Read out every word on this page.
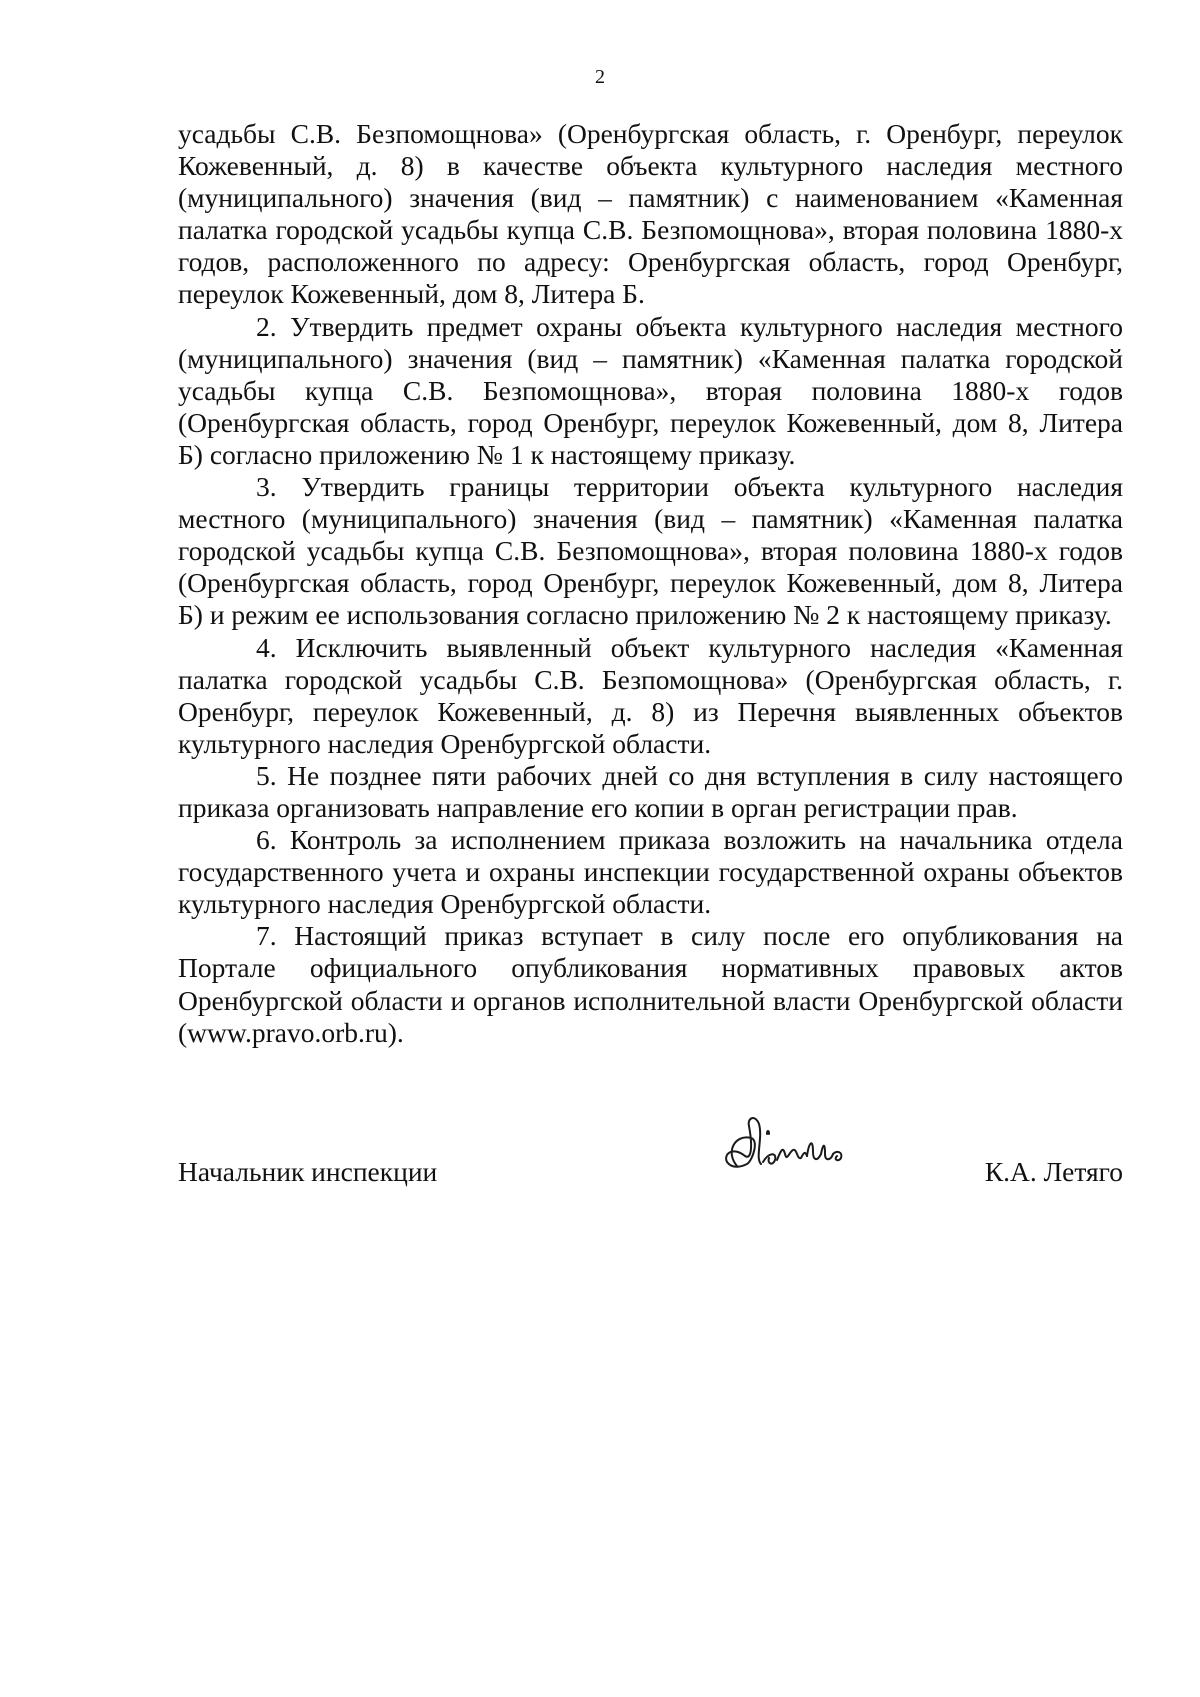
2

усадьбы С.В. Безпомощнова» (Оренбургская область, г. Оренбург, переулок Кожевенный, д. 8) в качестве объекта культурного наследия местного (муниципального) значения (вид – памятник) с наименованием «Каменная палатка городской усадьбы купца С.В. Безпомощнова», вторая половина 1880-х годов, расположенного по адресу: Оренбургская область, город Оренбург, переулок Кожевенный, дом 8, Литера Б.

2. Утвердить предмет охраны объекта культурного наследия местного (муниципального) значения (вид – памятник) «Каменная палатка городской усадьбы купца С.В. Безпомощнова», вторая половина 1880-х годов (Оренбургская область, город Оренбург, переулок Кожевенный, дом 8, Литера Б) согласно приложению № 1 к настоящему приказу.

3. Утвердить границы территории объекта культурного наследия местного (муниципального) значения (вид – памятник) «Каменная палатка городской усадьбы купца С.В. Безпомощнова», вторая половина 1880-х годов (Оренбургская область, город Оренбург, переулок Кожевенный, дом 8, Литера Б) и режим ее использования согласно приложению № 2 к настоящему приказу.

4. Исключить выявленный объект культурного наследия «Каменная палатка городской усадьбы С.В. Безпомощнова» (Оренбургская область, г. Оренбург, переулок Кожевенный, д. 8) из Перечня выявленных объектов культурного наследия Оренбургской области.

5. Не позднее пяти рабочих дней со дня вступления в силу настоящего приказа организовать направление его копии в орган регистрации прав.

6. Контроль за исполнением приказа возложить на начальника отдела государственного учета и охраны инспекции государственной охраны объектов культурного наследия Оренбургской области.

7. Настоящий приказ вступает в силу после его опубликования на Портале официального опубликования нормативных правовых актов Оренбургской области и органов исполнительной власти Оренбургской области (www.pravo.orb.ru).

Начальник инспекции	К.А. Летяго
